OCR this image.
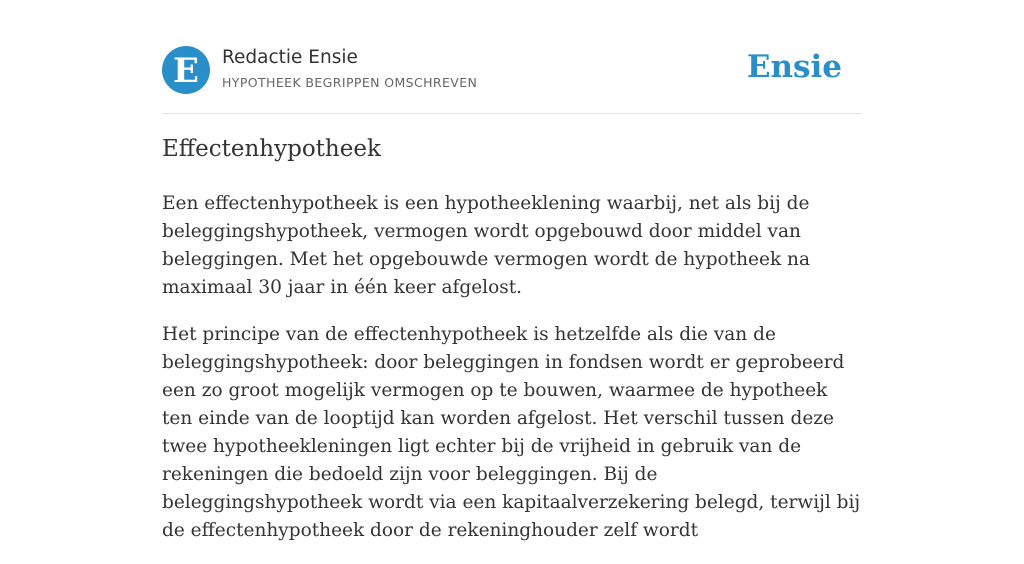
E Redactie Ensie
HYPOTHEEK BEGRIPPEN OMSCHREVEN	Ensie
Effectenhypotheek

Een effectenhypotheek is een hypotheeklening waarbij, net als bij de beleggingshypotheek, vermogen wordt opgebouwd door middel van beleggingen. Met het opgebouwde vermogen wordt de hypotheek na maximaal 30 jaar in één keer afgelost.

Het principe van de effectenhypotheek is hetzelfde als die van de beleggingshypotheek: door beleggingen in fondsen wordt er geprobeerd een zo groot mogelijk vermogen op te bouwen, waarmee de hypotheek ten einde van de looptijd kan worden afgelost. Het verschil tussen deze twee hypotheekleningen ligt echter bij de vrijheid in gebruik van de rekeningen die bedoeld zijn voor beleggingen. Bij de beleggingshypotheek wordt via een kapitaalverzekering belegd, terwijl bij de effectenhypotheek door de rekeninghouder zelf wordt
